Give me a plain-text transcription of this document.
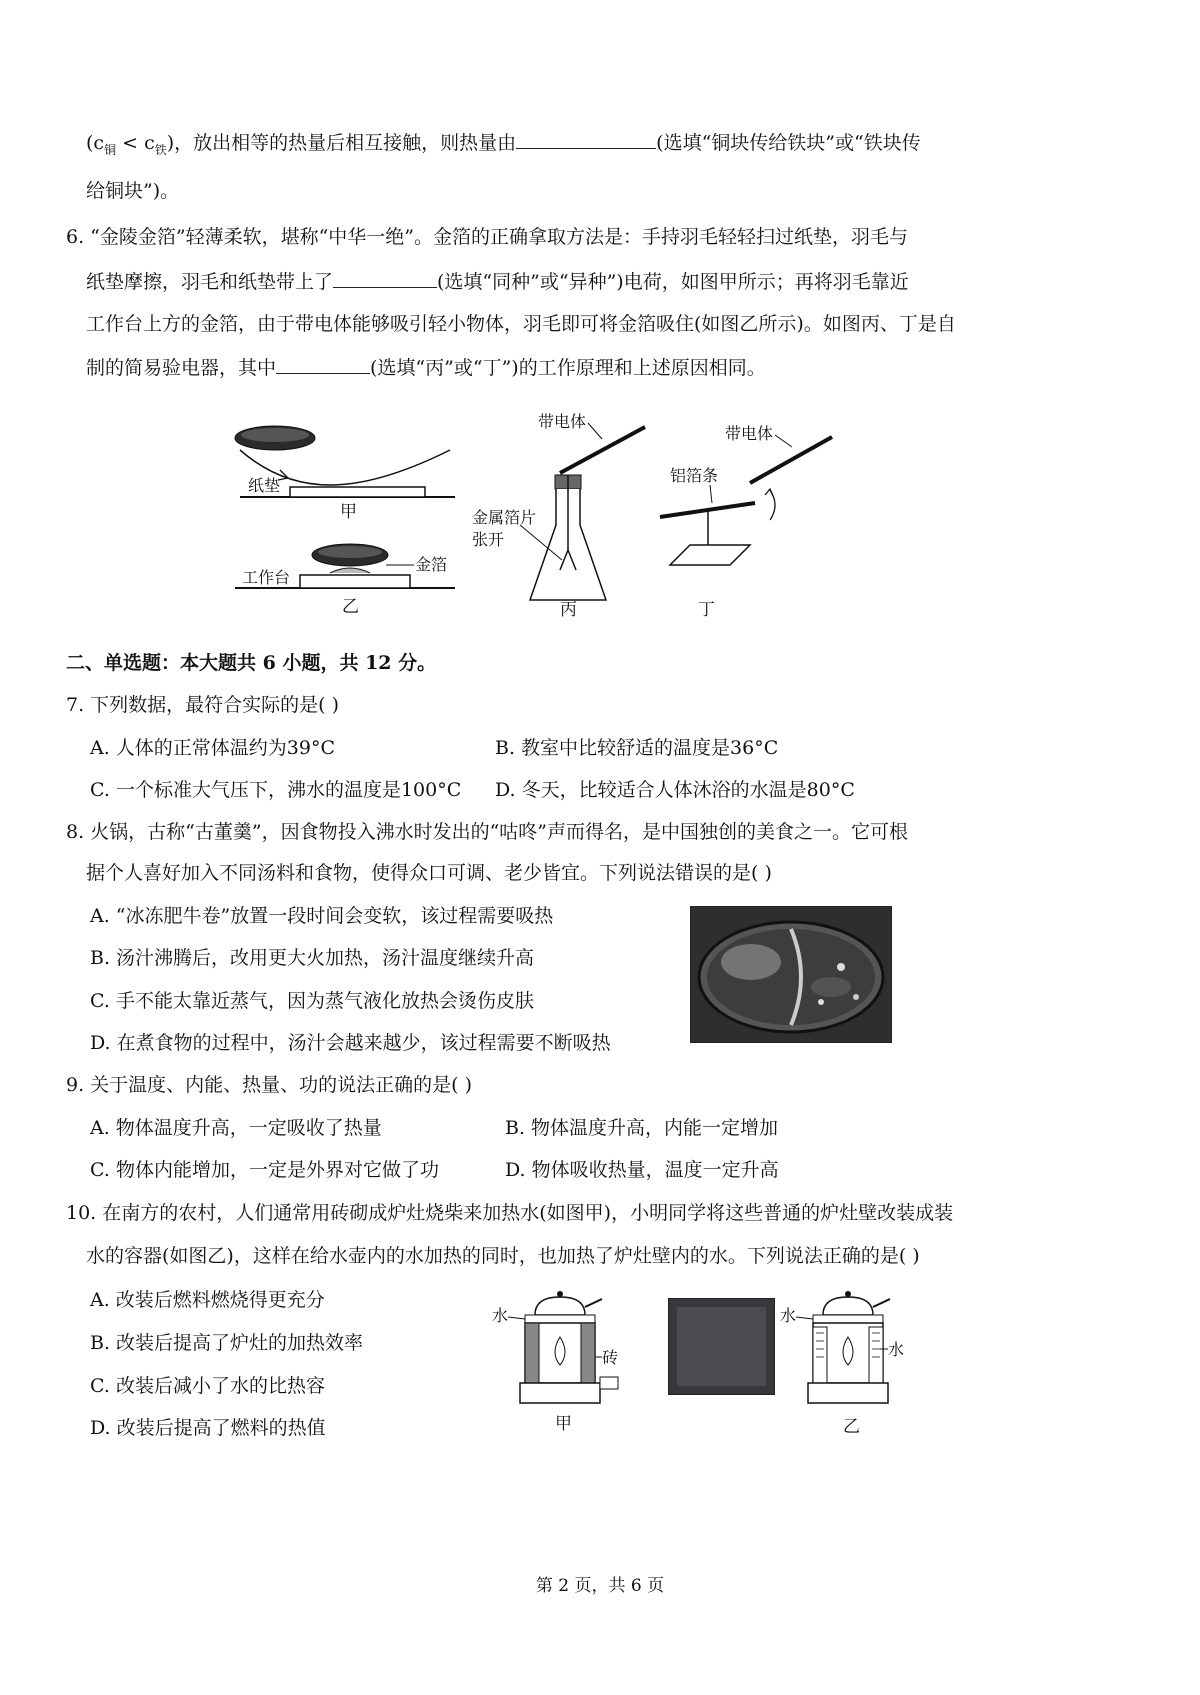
$(c_铜 < c_铁)$，放出相等的热量后相互接触，则热量由	(选填“铜块传给铁块”或“铁块传
给铜块”)。
6. “金陵金箔”轻薄柔软，堪称“中华一绝”。金箔的正确拿取方法是：手持羽毛轻轻扫过纸垫，羽毛与
纸垫摩擦，羽毛和纸垫带上了	(选填“同种”或“异种”)电荷，如图甲所示；再将羽毛靠近
工作台上方的金箔，由于带电体能够吸引轻小物体，羽毛即可将金箔吸住(如图乙所示)。如图丙、丁是自
制的简易验电器，其中	(选填“丙”或“丁”)的工作原理和上述原因相同。
纸垫
甲
工作台
金箔
乙
带电体
金属箔片
张开
丙
带电体
铝箔条
丁
二、单选题：本大题共 6 小题，共 12 分。
7. 下列数据，最符合实际的是( )
A. 人体的正常体温约为39°C	B. 教室中比较舒适的温度是36°C
C. 一个标准大气压下，沸水的温度是100°C D. 冬天，比较适合人体沐浴的水温是80°C
8. 火锅，古称“古董羹”，因食物投入沸水时发出的“咕咚”声而得名，是中国独创的美食之一。它可根
据个人喜好加入不同汤料和食物，使得众口可调、老少皆宜。下列说法错误的是( )
A. “冰冻肥牛卷”放置一段时间会变软，该过程需要吸热
B. 汤汁沸腾后，改用更大火加热，汤汁温度继续升高
C. 手不能太靠近蒸气，因为蒸气液化放热会烫伤皮肤
D. 在煮食物的过程中，汤汁会越来越少，该过程需要不断吸热
9. 关于温度、内能、热量、功的说法正确的是( )
A. 物体温度升高，一定吸收了热量	B. 物体温度升高，内能一定增加
C. 物体内能增加，一定是外界对它做了功	D. 物体吸收热量，温度一定升高
10. 在南方的农村，人们通常用砖砌成炉灶烧柴来加热水(如图甲)，小明同学将这些普通的炉灶壁改装成装
水的容器(如图乙)，这样在给水壶内的水加热的同时，也加热了炉灶壁内的水。下列说法正确的是( )
A. 改装后燃料燃烧得更充分
B. 改装后提高了炉灶的加热效率
C. 改装后减小了水的比热容
D. 改装后提高了燃料的热值
水
砖
甲
水
水
乙
第 2 页，共 6 页
